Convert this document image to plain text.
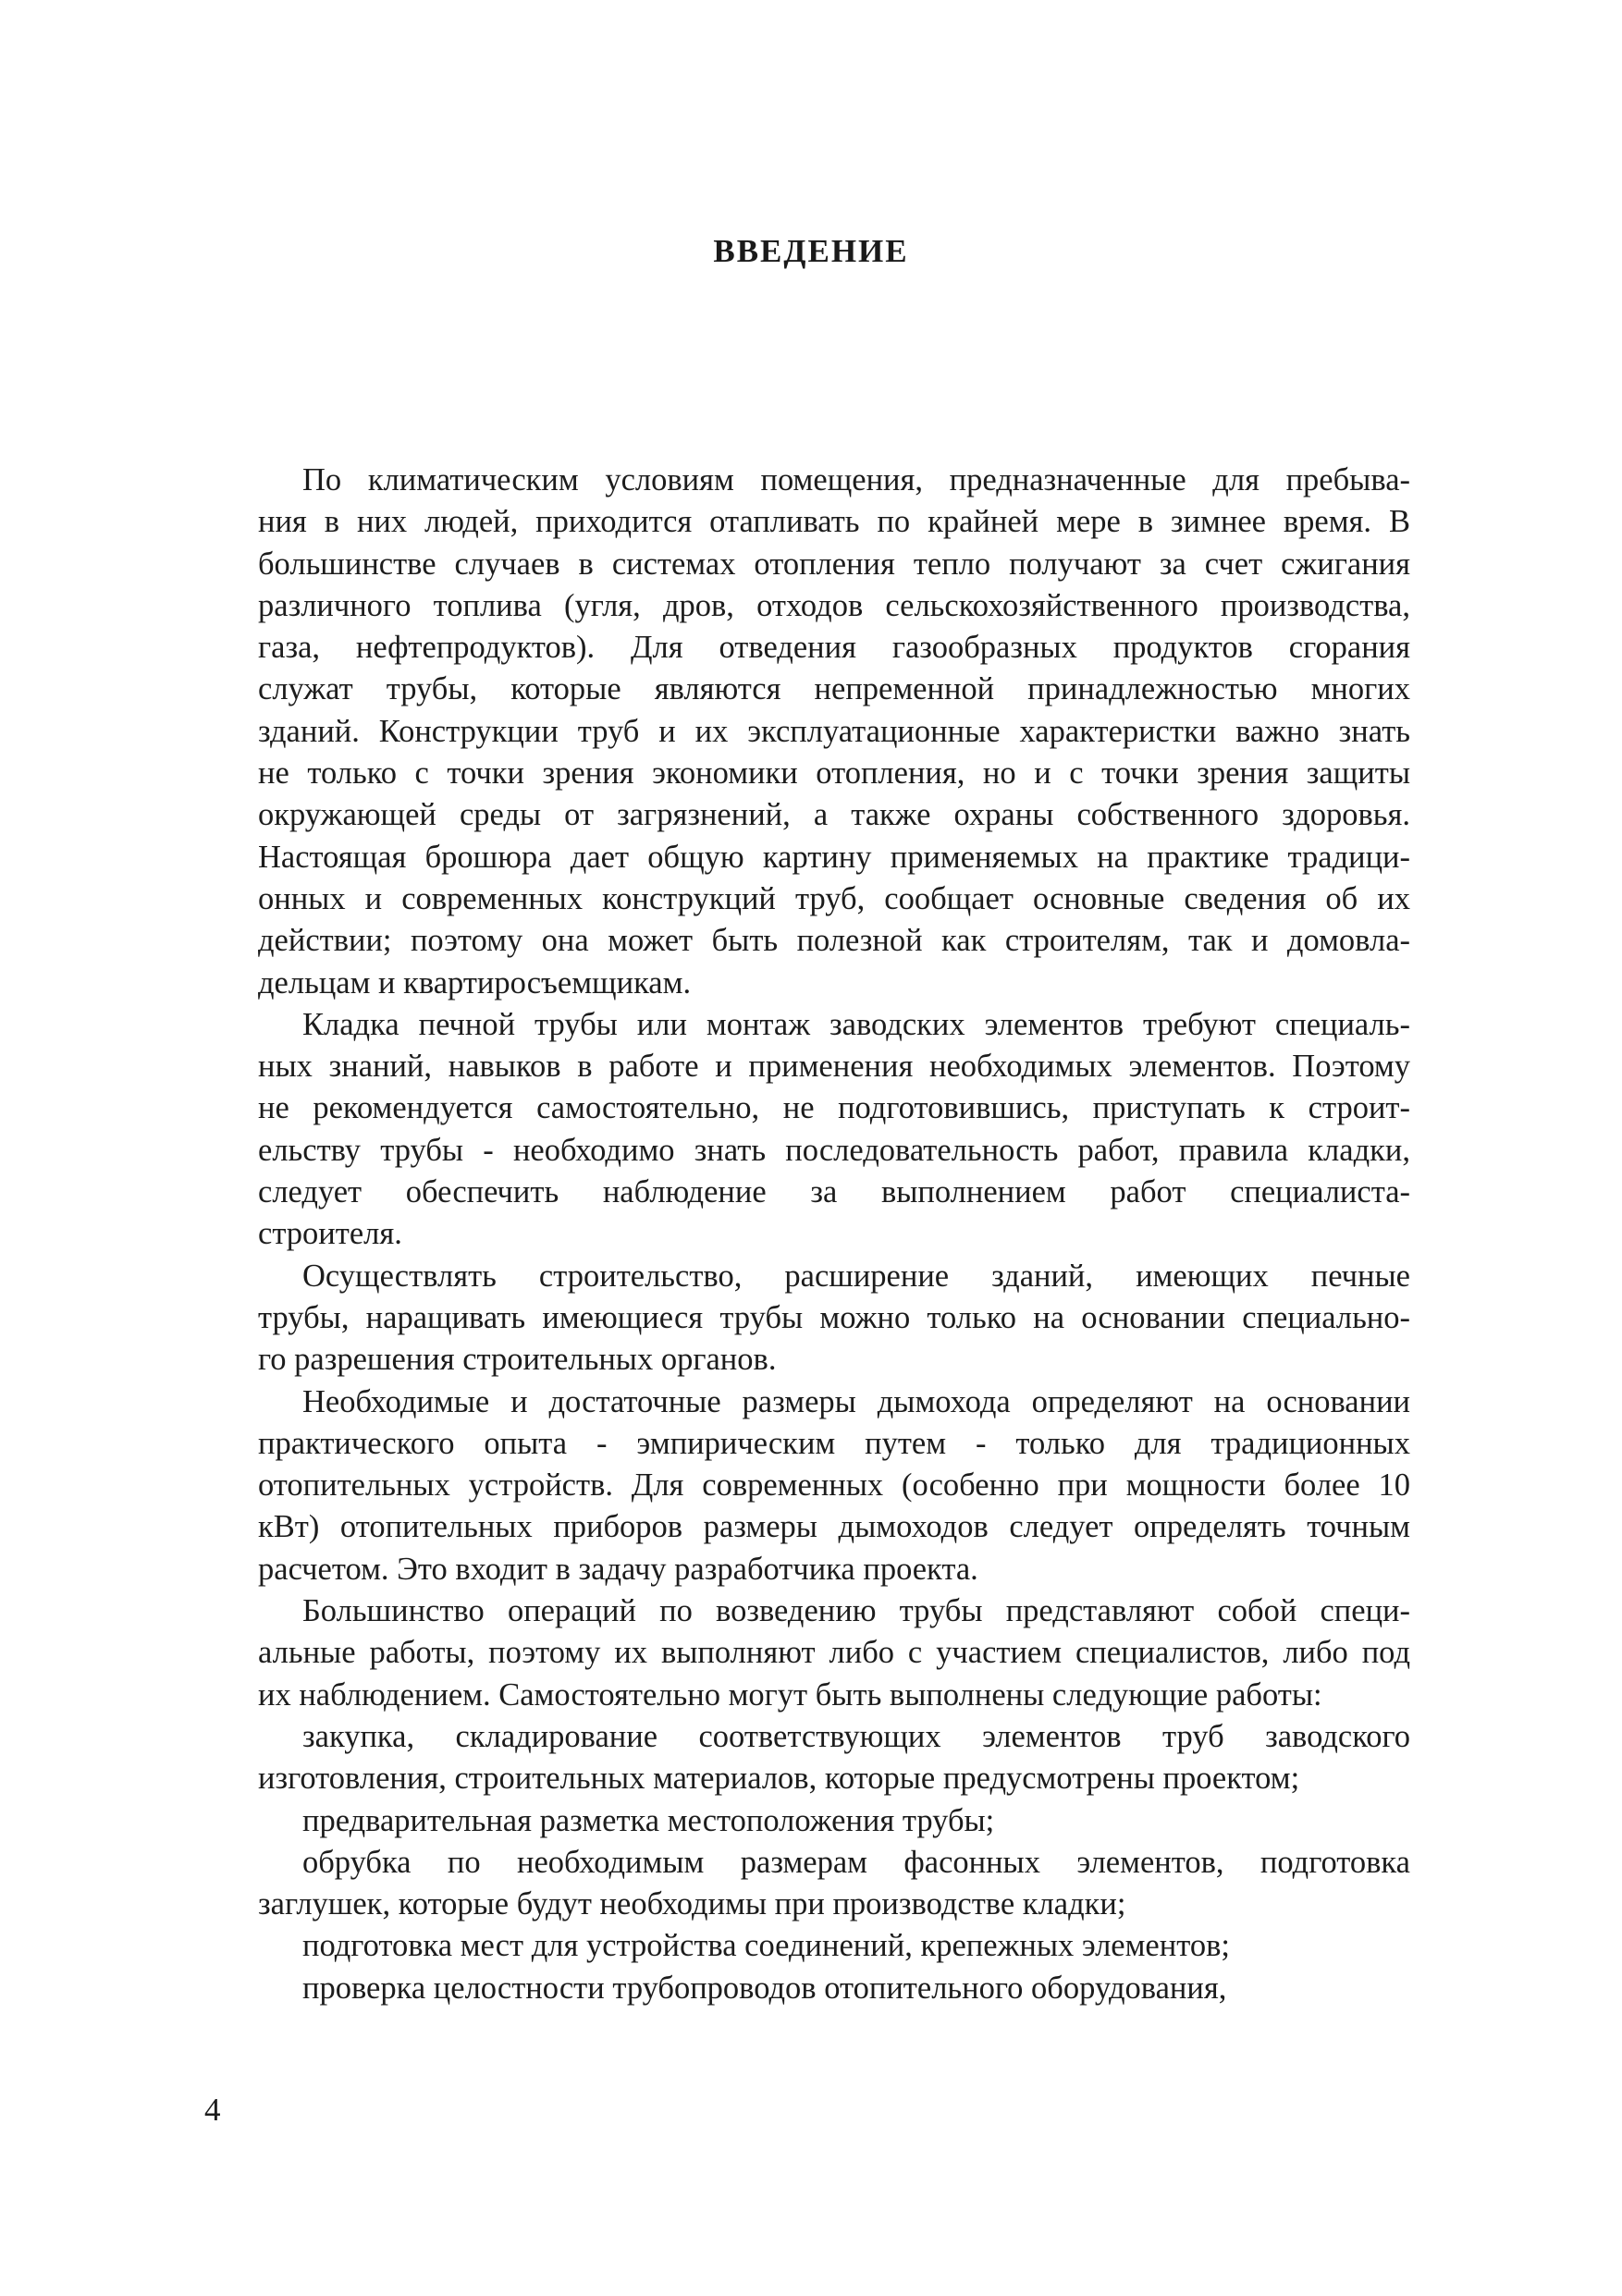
ВВЕДЕНИЕ
По климатическим условиям помещения, предназначенные для пребыва-
ния в них людей, приходится отапливать по крайней мере в зимнее время. В
большинстве случаев в системах отопления тепло получают за счет сжигания
различного топлива (угля, дров, отходов сельскохозяйственного производства,
газа, нефтепродуктов). Для отведения газообразных продуктов сгорания
служат трубы, которые являются непременной принадлежностью многих
зданий. Конструкции труб и их эксплуатационные характеристки важно знать
не только с точки зрения экономики отопления, но и с точки зрения защиты
окружающей среды от загрязнений, а также охраны собственного здоровья.
Настоящая брошюра дает общую картину применяемых на практике традици-
онных и современных конструкций труб, сообщает основные сведения об их
действии; поэтому она может быть полезной как строителям, так и домовла-
дельцам и квартиросъемщикам.
Кладка печной трубы или монтаж заводских элементов требуют специаль-
ных знаний, навыков в работе и применения необходимых элементов. Поэтому
не рекомендуется самостоятельно, не подготовившись, приступать к строит-
ельству трубы - необходимо знать последовательность работ, правила кладки,
следует обеспечить наблюдение за выполнением работ специалиста-
строителя.
Осуществлять строительство, расширение зданий, имеющих печные
трубы, наращивать имеющиеся трубы можно только на основании специально-
го разрешения строительных органов.
Необходимые и достаточные размеры дымохода определяют на основании
практического опыта - эмпирическим путем - только для традиционных
отопительных устройств. Для современных (особенно при мощности более 10
кВт) отопительных приборов размеры дымоходов следует определять точным
расчетом. Это входит в задачу разработчика проекта.
Большинство операций по возведению трубы представляют собой специ-
альные работы, поэтому их выполняют либо с участием специалистов, либо под
их наблюдением. Самостоятельно могут быть выполнены следующие работы:
закупка, складирование соответствующих элементов труб заводского
изготовления, строительных материалов, которые предусмотрены проектом;
предварительная разметка местоположения трубы;
обрубка по необходимым размерам фасонных элементов, подготовка
заглушек, которые будут необходимы при производстве кладки;
подготовка мест для устройства соединений, крепежных элементов;
проверка целостности трубопроводов отопительного оборудования,
4
